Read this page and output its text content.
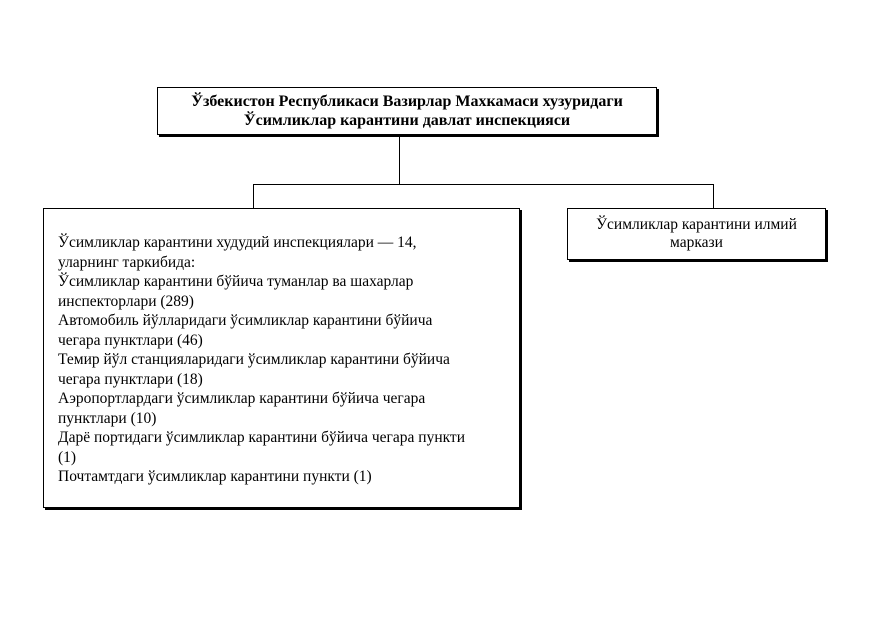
Ўзбекистон Республикаси Вазирлар Махкамаси хузуридаги
Ўсимликлар карантини давлат инспекцияси
Ўсимликлар карантини худудий инспекциялари — 14,
уларнинг таркибида:
Ўсимликлар карантини бўйича туманлар ва шахарлар
инспекторлари (289)
Автомобиль йўлларидаги ўсимликлар карантини бўйича
чегара пунктлари (46)
Темир йўл станцияларидаги ўсимликлар карантини бўйича
чегара пунктлари (18)
Аэропортлардаги ўсимликлар карантини бўйича чегара
пунктлари (10)
Дарё портидаги ўсимликлар карантини бўйича чегара пункти
(1)
Почтамтдаги ўсимликлар карантини пункти (1)
Ўсимликлар карантини илмий
маркази
